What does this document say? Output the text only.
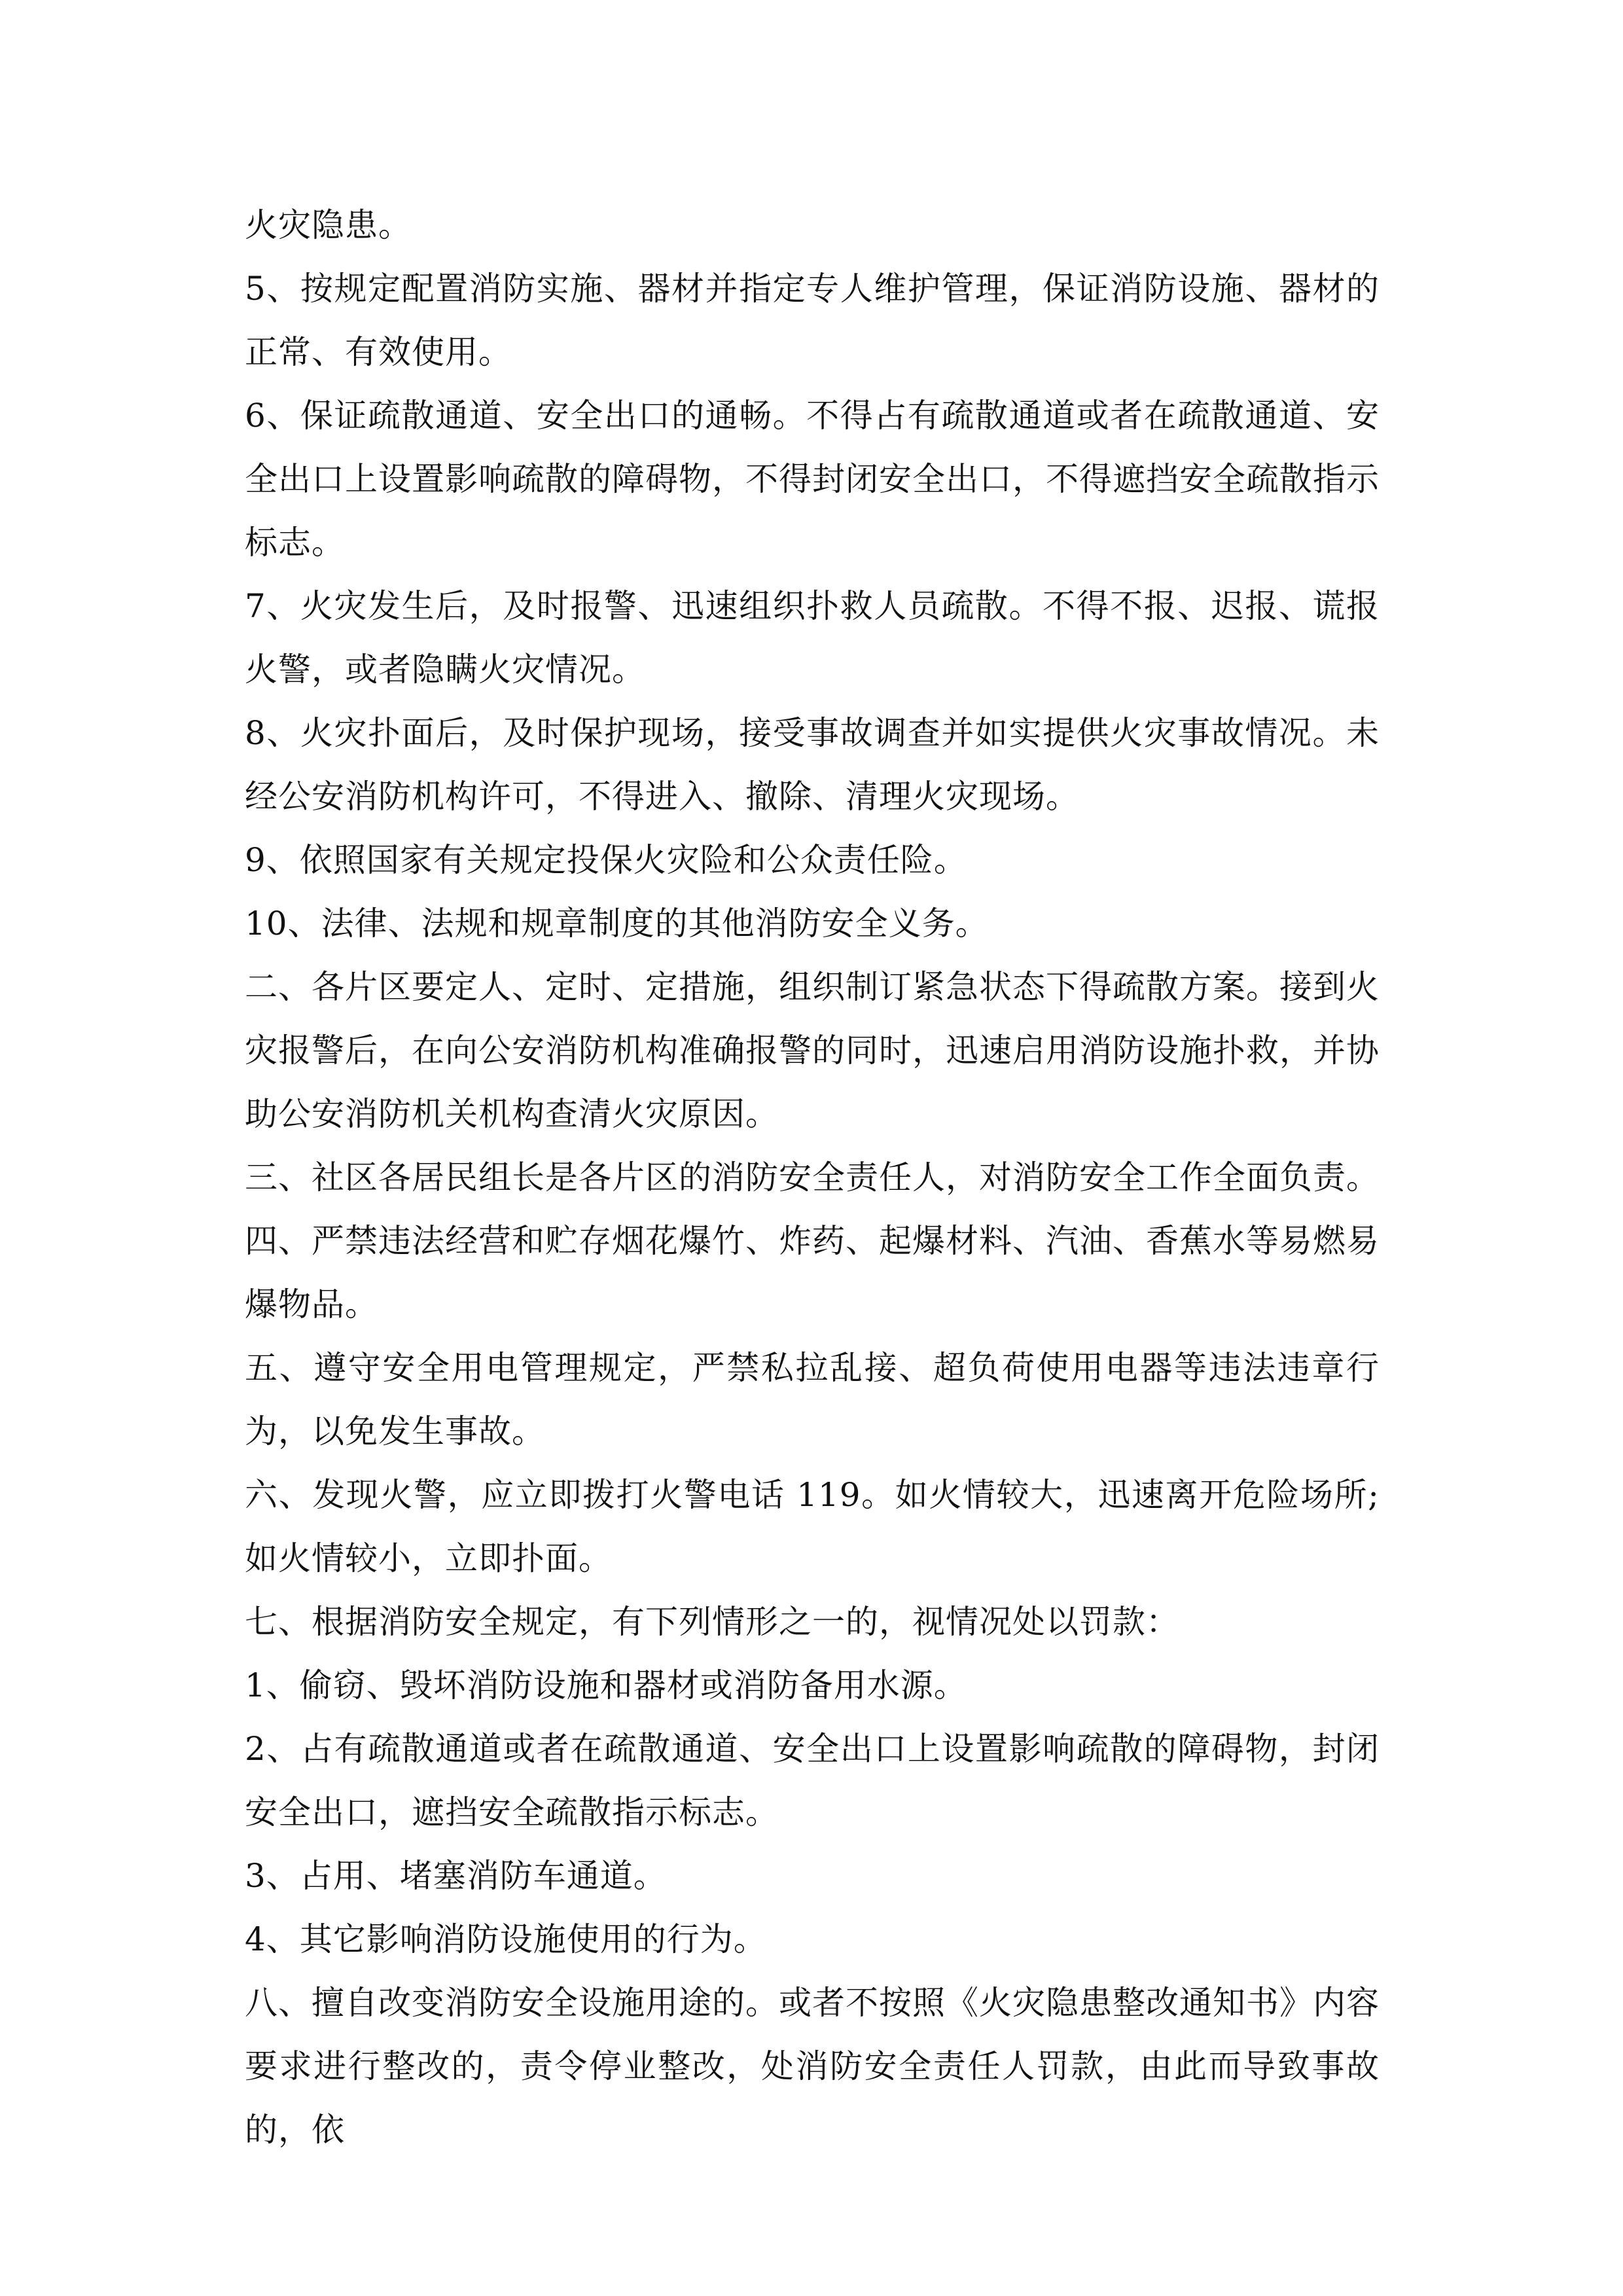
火灾隐患。

5、按规定配置消防实施、器材并指定专人维护管理，保证消防设施、器材的正常、有效使用。

6、保证疏散通道、安全出口的通畅。不得占有疏散通道或者在疏散通道、安全出口上设置影响疏散的障碍物，不得封闭安全出口，不得遮挡安全疏散指示标志。

7、火灾发生后，及时报警、迅速组织扑救人员疏散。不得不报、迟报、谎报火警，或者隐瞒火灾情况。

8、火灾扑面后，及时保护现场，接受事故调查并如实提供火灾事故情况。未经公安消防机构许可，不得进入、撤除、清理火灾现场。

9、依照国家有关规定投保火灾险和公众责任险。

10、法律、法规和规章制度的其他消防安全义务。

二、各片区要定人、定时、定措施，组织制订紧急状态下得疏散方案。接到火灾报警后，在向公安消防机构准确报警的同时，迅速启用消防设施扑救，并协助公安消防机关机构查清火灾原因。

三、社区各居民组长是各片区的消防安全责任人，对消防安全工作全面负责。

四、严禁违法经营和贮存烟花爆竹、炸药、起爆材料、汽油、香蕉水等易燃易爆物品。

五、遵守安全用电管理规定，严禁私拉乱接、超负荷使用电器等违法违章行为，以免发生事故。

六、发现火警，应立即拨打火警电话 119。如火情较大，迅速离开危险场所;如火情较小，立即扑面。

七、根据消防安全规定，有下列情形之一的，视情况处以罚款：

1、偷窃、毁坏消防设施和器材或消防备用水源。

2、占有疏散通道或者在疏散通道、安全出口上设置影响疏散的障碍物，封闭安全出口，遮挡安全疏散指示标志。

3、占用、堵塞消防车通道。

4、其它影响消防设施使用的行为。

八、擅自改变消防安全设施用途的。或者不按照《火灾隐患整改通知书》内容要求进行整改的，责令停业整改，处消防安全责任人罚款，由此而导致事故的，依
